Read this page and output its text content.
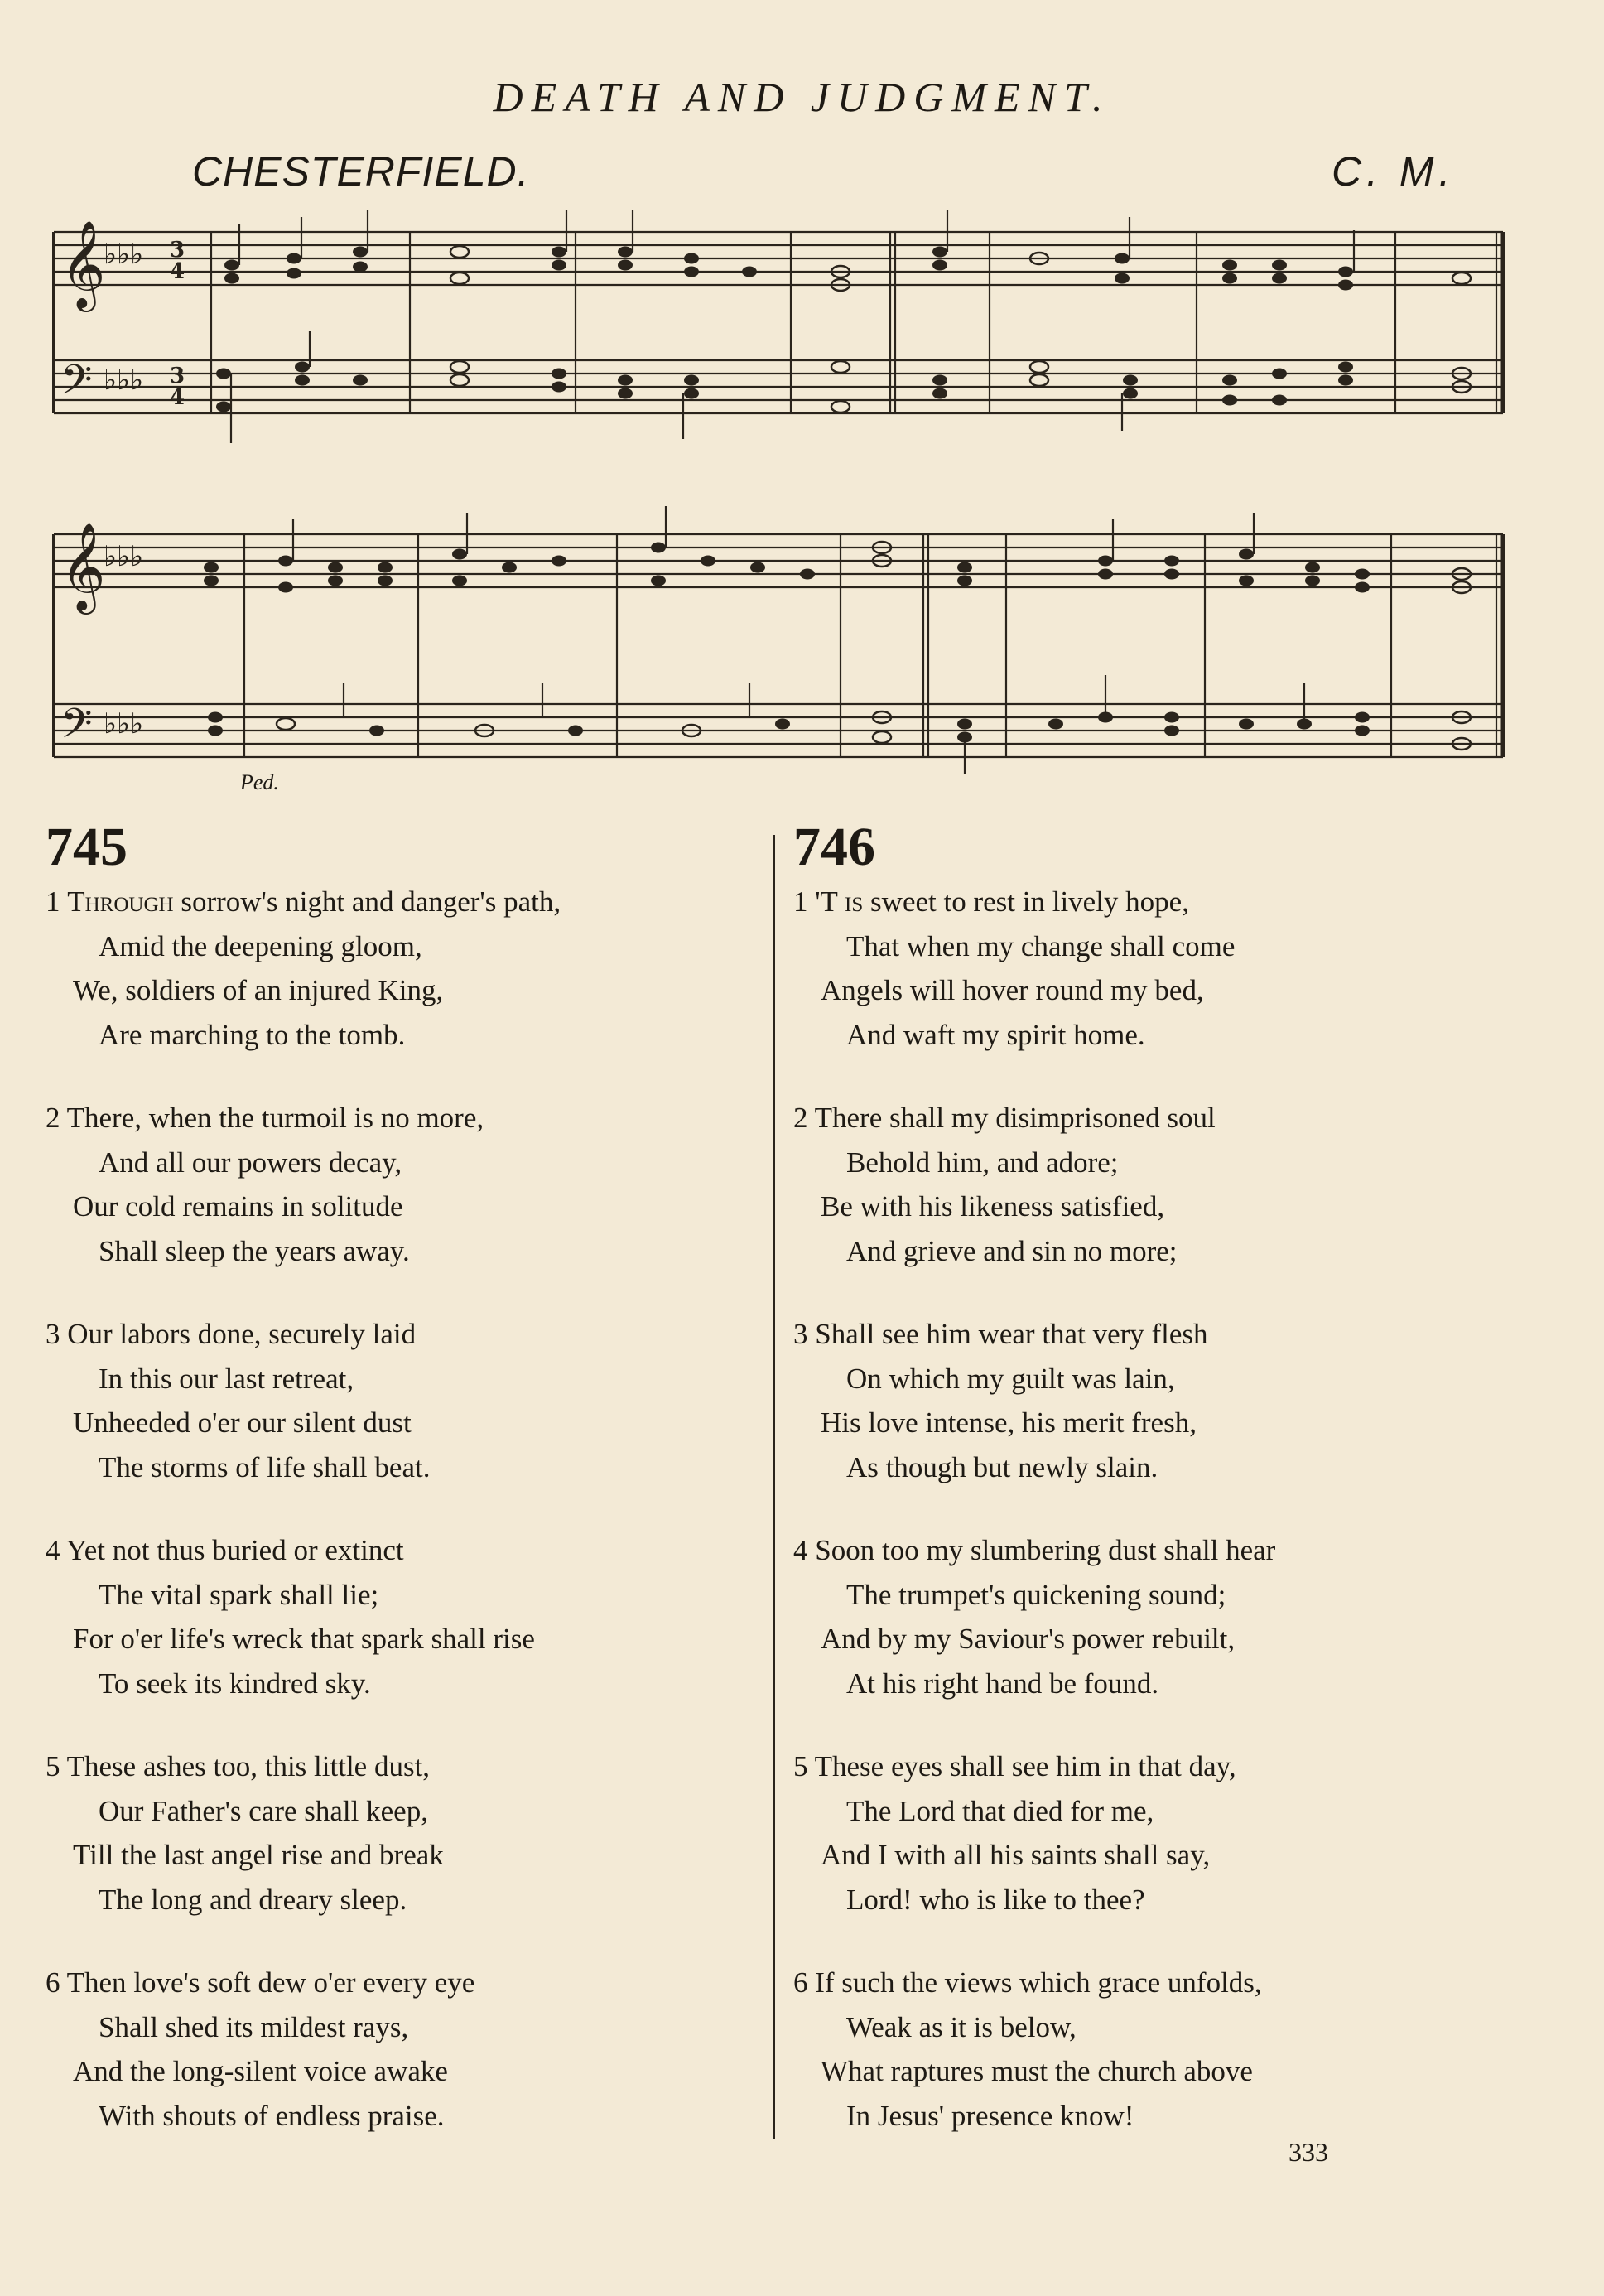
DEATH AND JUDGMENT.
CHESTERFIELD.	C. M.
𝄞
♭♭♭ 3
4
𝄢 ♭♭♭ 3
4
𝄞
♭♭♭
𝄢 ♭♭♭
Ped.
745
1 Through sorrow's night and danger's path,
Amid the deepening gloom,
We, soldiers of an injured King,
Are marching to the tomb.
2 There, when the turmoil is no more,
And all our powers decay,
Our cold remains in solitude
Shall sleep the years away.
3 Our labors done, securely laid
In this our last retreat,
Unheeded o'er our silent dust
The storms of life shall beat.
4 Yet not thus buried or extinct
The vital spark shall lie;
For o'er life's wreck that spark shall rise
To seek its kindred sky.
5 These ashes too, this little dust,
Our Father's care shall keep,
Till the last angel rise and break
The long and dreary sleep.
6 Then love's soft dew o'er every eye
Shall shed its mildest rays,
And the long-silent voice awake
With shouts of endless praise.
746
1 'T is sweet to rest in lively hope,
That when my change shall come
Angels will hover round my bed,
And waft my spirit home.
2 There shall my disimprisoned soul
Behold him, and adore;
Be with his likeness satisfied,
And grieve and sin no more;
3 Shall see him wear that very flesh
On which my guilt was lain,
His love intense, his merit fresh,
As though but newly slain.
4 Soon too my slumbering dust shall hear
The trumpet's quickening sound;
And by my Saviour's power rebuilt,
At his right hand be found.
5 These eyes shall see him in that day,
The Lord that died for me,
And I with all his saints shall say,
Lord! who is like to thee?
6 If such the views which grace unfolds,
Weak as it is below,
What raptures must the church above
In Jesus' presence know!
333
